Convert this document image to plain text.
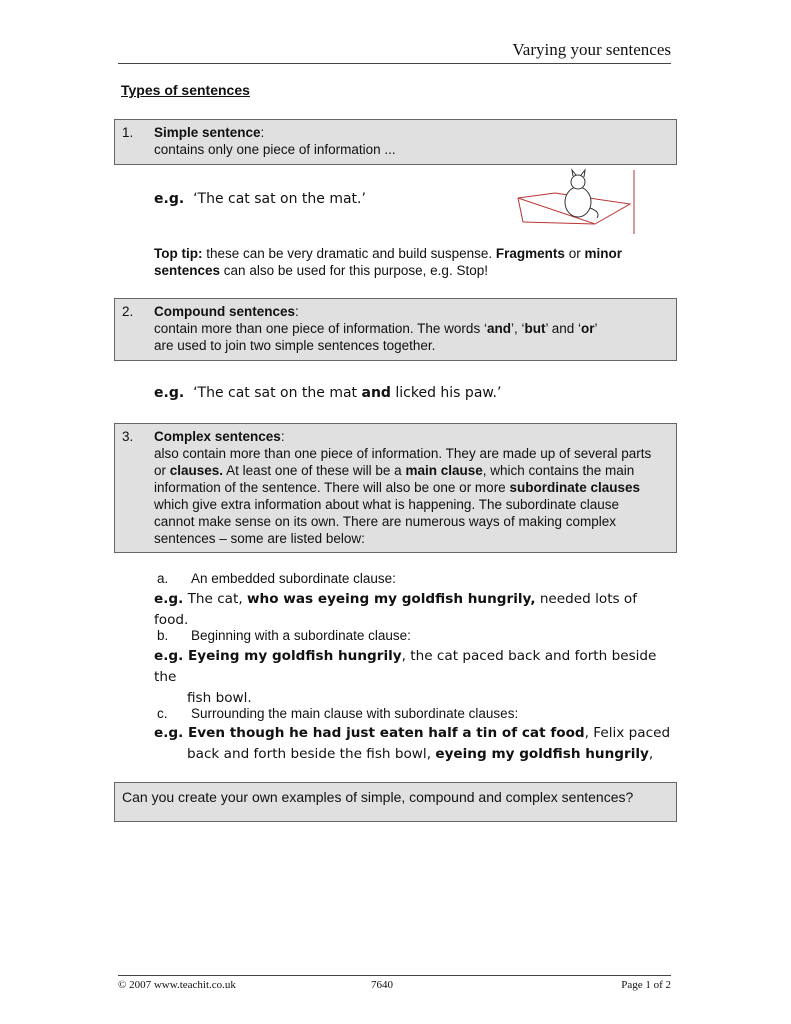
Varying your sentences
Types of sentences
1. Simple sentence:
contains only one piece of information ...
e.g. ‘The cat sat on the mat.’
Top tip: these can be very dramatic and build suspense. Fragments or minor sentences can also be used for this purpose, e.g. Stop!
2. Compound sentences:
contain more than one piece of information. The words ‘and’, ‘but’ and ‘or’
are used to join two simple sentences together.
e.g. ‘The cat sat on the mat and licked his paw.’
3. Complex sentences:
also contain more than one piece of information. They are made up of several parts or clauses. At least one of these will be a main clause, which contains the main information of the sentence. There will also be one or more subordinate clauses which give extra information about what is happening. The subordinate clause cannot make sense on its own. There are numerous ways of making complex sentences – some are listed below:
a. An embedded subordinate clause:
e.g. The cat, who was eyeing my goldfish hungrily, needed lots of food.
b. Beginning with a subordinate clause:
e.g. Eyeing my goldfish hungrily, the cat paced back and forth beside the
fish bowl.
c. Surrounding the main clause with subordinate clauses:
e.g. Even though he had just eaten half a tin of cat food, Felix paced
back and forth beside the fish bowl, eyeing my goldfish hungrily,
Can you create your own examples of simple, compound and complex sentences?
© 2007 www.teachit.co.uk	7640	Page 1 of 2
